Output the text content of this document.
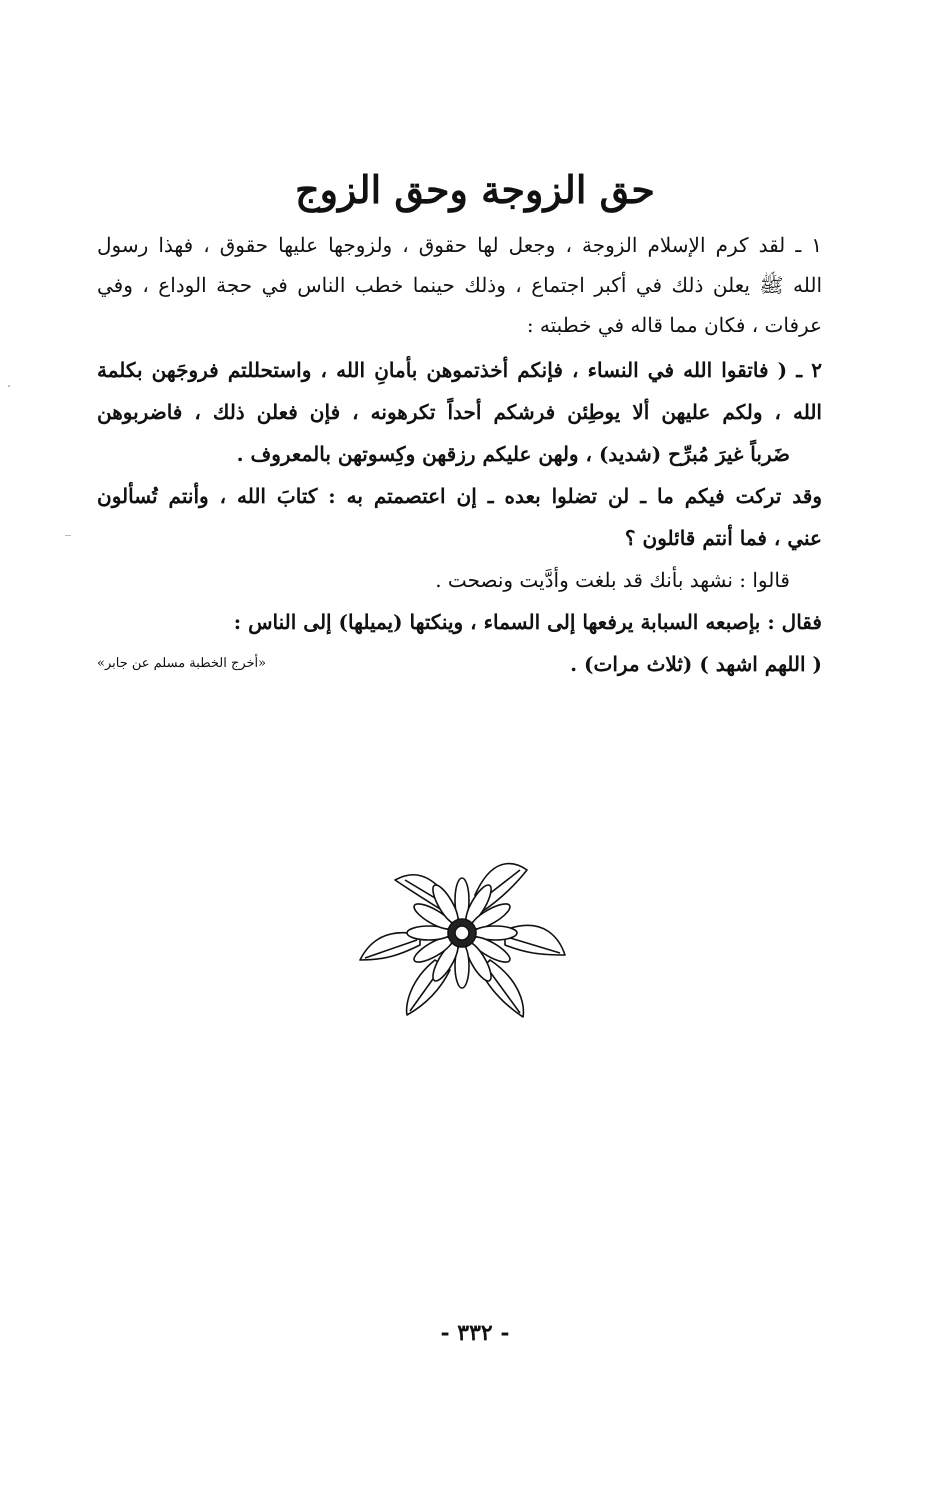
حق الزوجة وحق الزوج
١ ـ لقد كرم الإسلام الزوجة ، وجعل لها حقوق ، ولزوجها عليها حقوق ، فهذا رسول
الله ﷺ يعلن ذلك في أكبر اجتماع ، وذلك حينما خطب الناس في حجة الوداع ، وفي
عرفات ، فكان مما قاله في خطبته :
٢ ـ ( فاتقوا الله في النساء ، فإنكم أخذتموهن بأمانِ الله ، واستحللتم فروجَهن بكلمة
الله ، ولكم عليهن ألا يوطِئن فرشكم أحداً تكرهونه ، فإن فعلن ذلك ، فاضربوهن
ضَرباً غيرَ مُبرِّح (شديد) ، ولهن عليكم رزقهن وكِسوتهن بالمعروف .
وقد تركت فيكم ما ـ لن تضلوا بعده ـ إن اعتصمتم به : كتابَ الله ، وأنتم تُسألون
عني ، فما أنتم قائلون ؟
قالوا : نشهد بأنك قد بلغت وأدَّيت ونصحت .
فقال : بإصبعه السبابة يرفعها إلى السماء ، وينكتها (يميلها) إلى الناس :
( اللهم اشهد ) (ثلاث مرات) .
«أخرج الخطبة مسلم عن جابر»
- ٣٣٢ -
